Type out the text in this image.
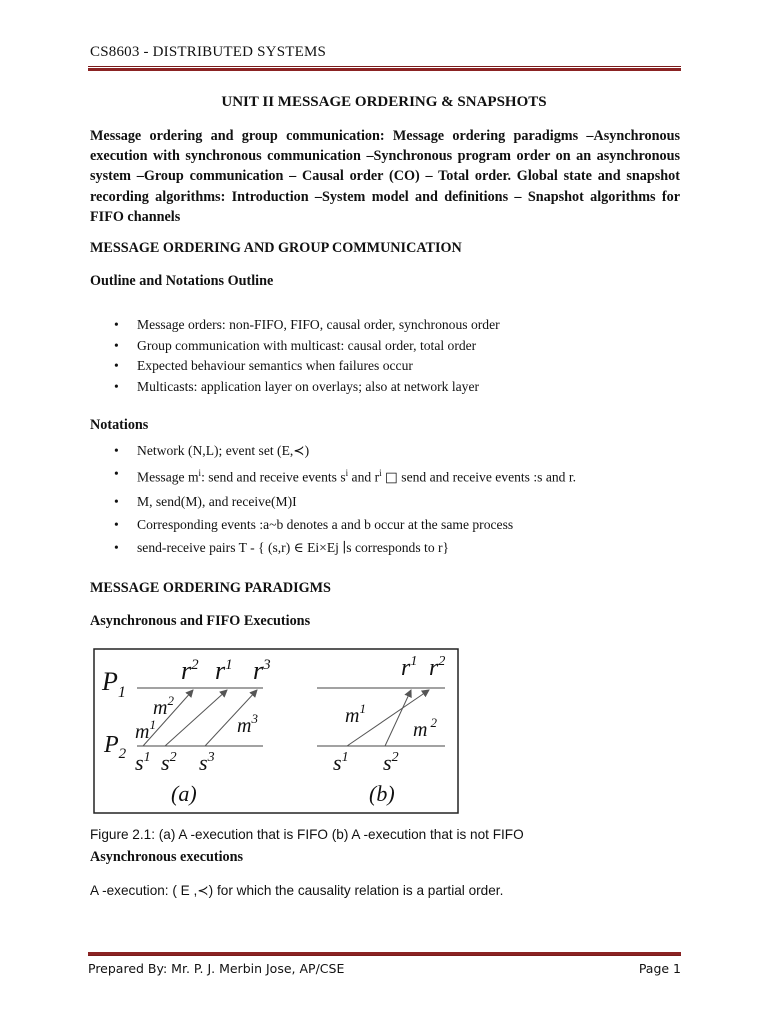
CS8603 - DISTRIBUTED SYSTEMS
UNIT II MESSAGE ORDERING & SNAPSHOTS
Message ordering and group communication: Message ordering paradigms –Asynchronous execution with synchronous communication –Synchronous program order on an asynchronous system –Group communication – Causal order (CO) – Total order. Global state and snapshot recording algorithms: Introduction –System model and definitions – Snapshot algorithms for FIFO channels
MESSAGE ORDERING AND GROUP COMMUNICATION
Outline and Notations Outline
• Message orders: non-FIFO, FIFO, causal order, synchronous order
• Group communication with multicast: causal order, total order
• Expected behaviour semantics when failures occur
• Multicasts: application layer on overlays; also at network layer
Notations
• Network (N,L); event set (E,≺)
• Message $m^i$: send and receive events $s^i$ and $r^i$ □ send and receive events :s and r.
• M, send(M), and receive(M)I
• Corresponding events :a~b denotes a and b occur at the same process
• send-receive pairs T - { (s,r) ∈ Ei×Ej ∣s corresponds to r}
MESSAGE ORDERING PARADIGMS
Asynchronous and FIFO Executions
$P_1$
$P_2$
$r^2$ $r^1$ $r^3$
$m^2$
$m^1$	$m^3$
$s^1$ $s^2$ $s^3$
(a)
$r^1$ $r^2$
$m^1$
m $^2$
$s^1$ $s^2$
(b)
Figure 2.1: (a) A -execution that is FIFO (b) A -execution that is not FIFO
Asynchronous executions
A -execution: ( E ,≺) for which the causality relation is a partial order.
Prepared By: Mr. P. J. Merbin Jose, AP/CSE	Page 1
